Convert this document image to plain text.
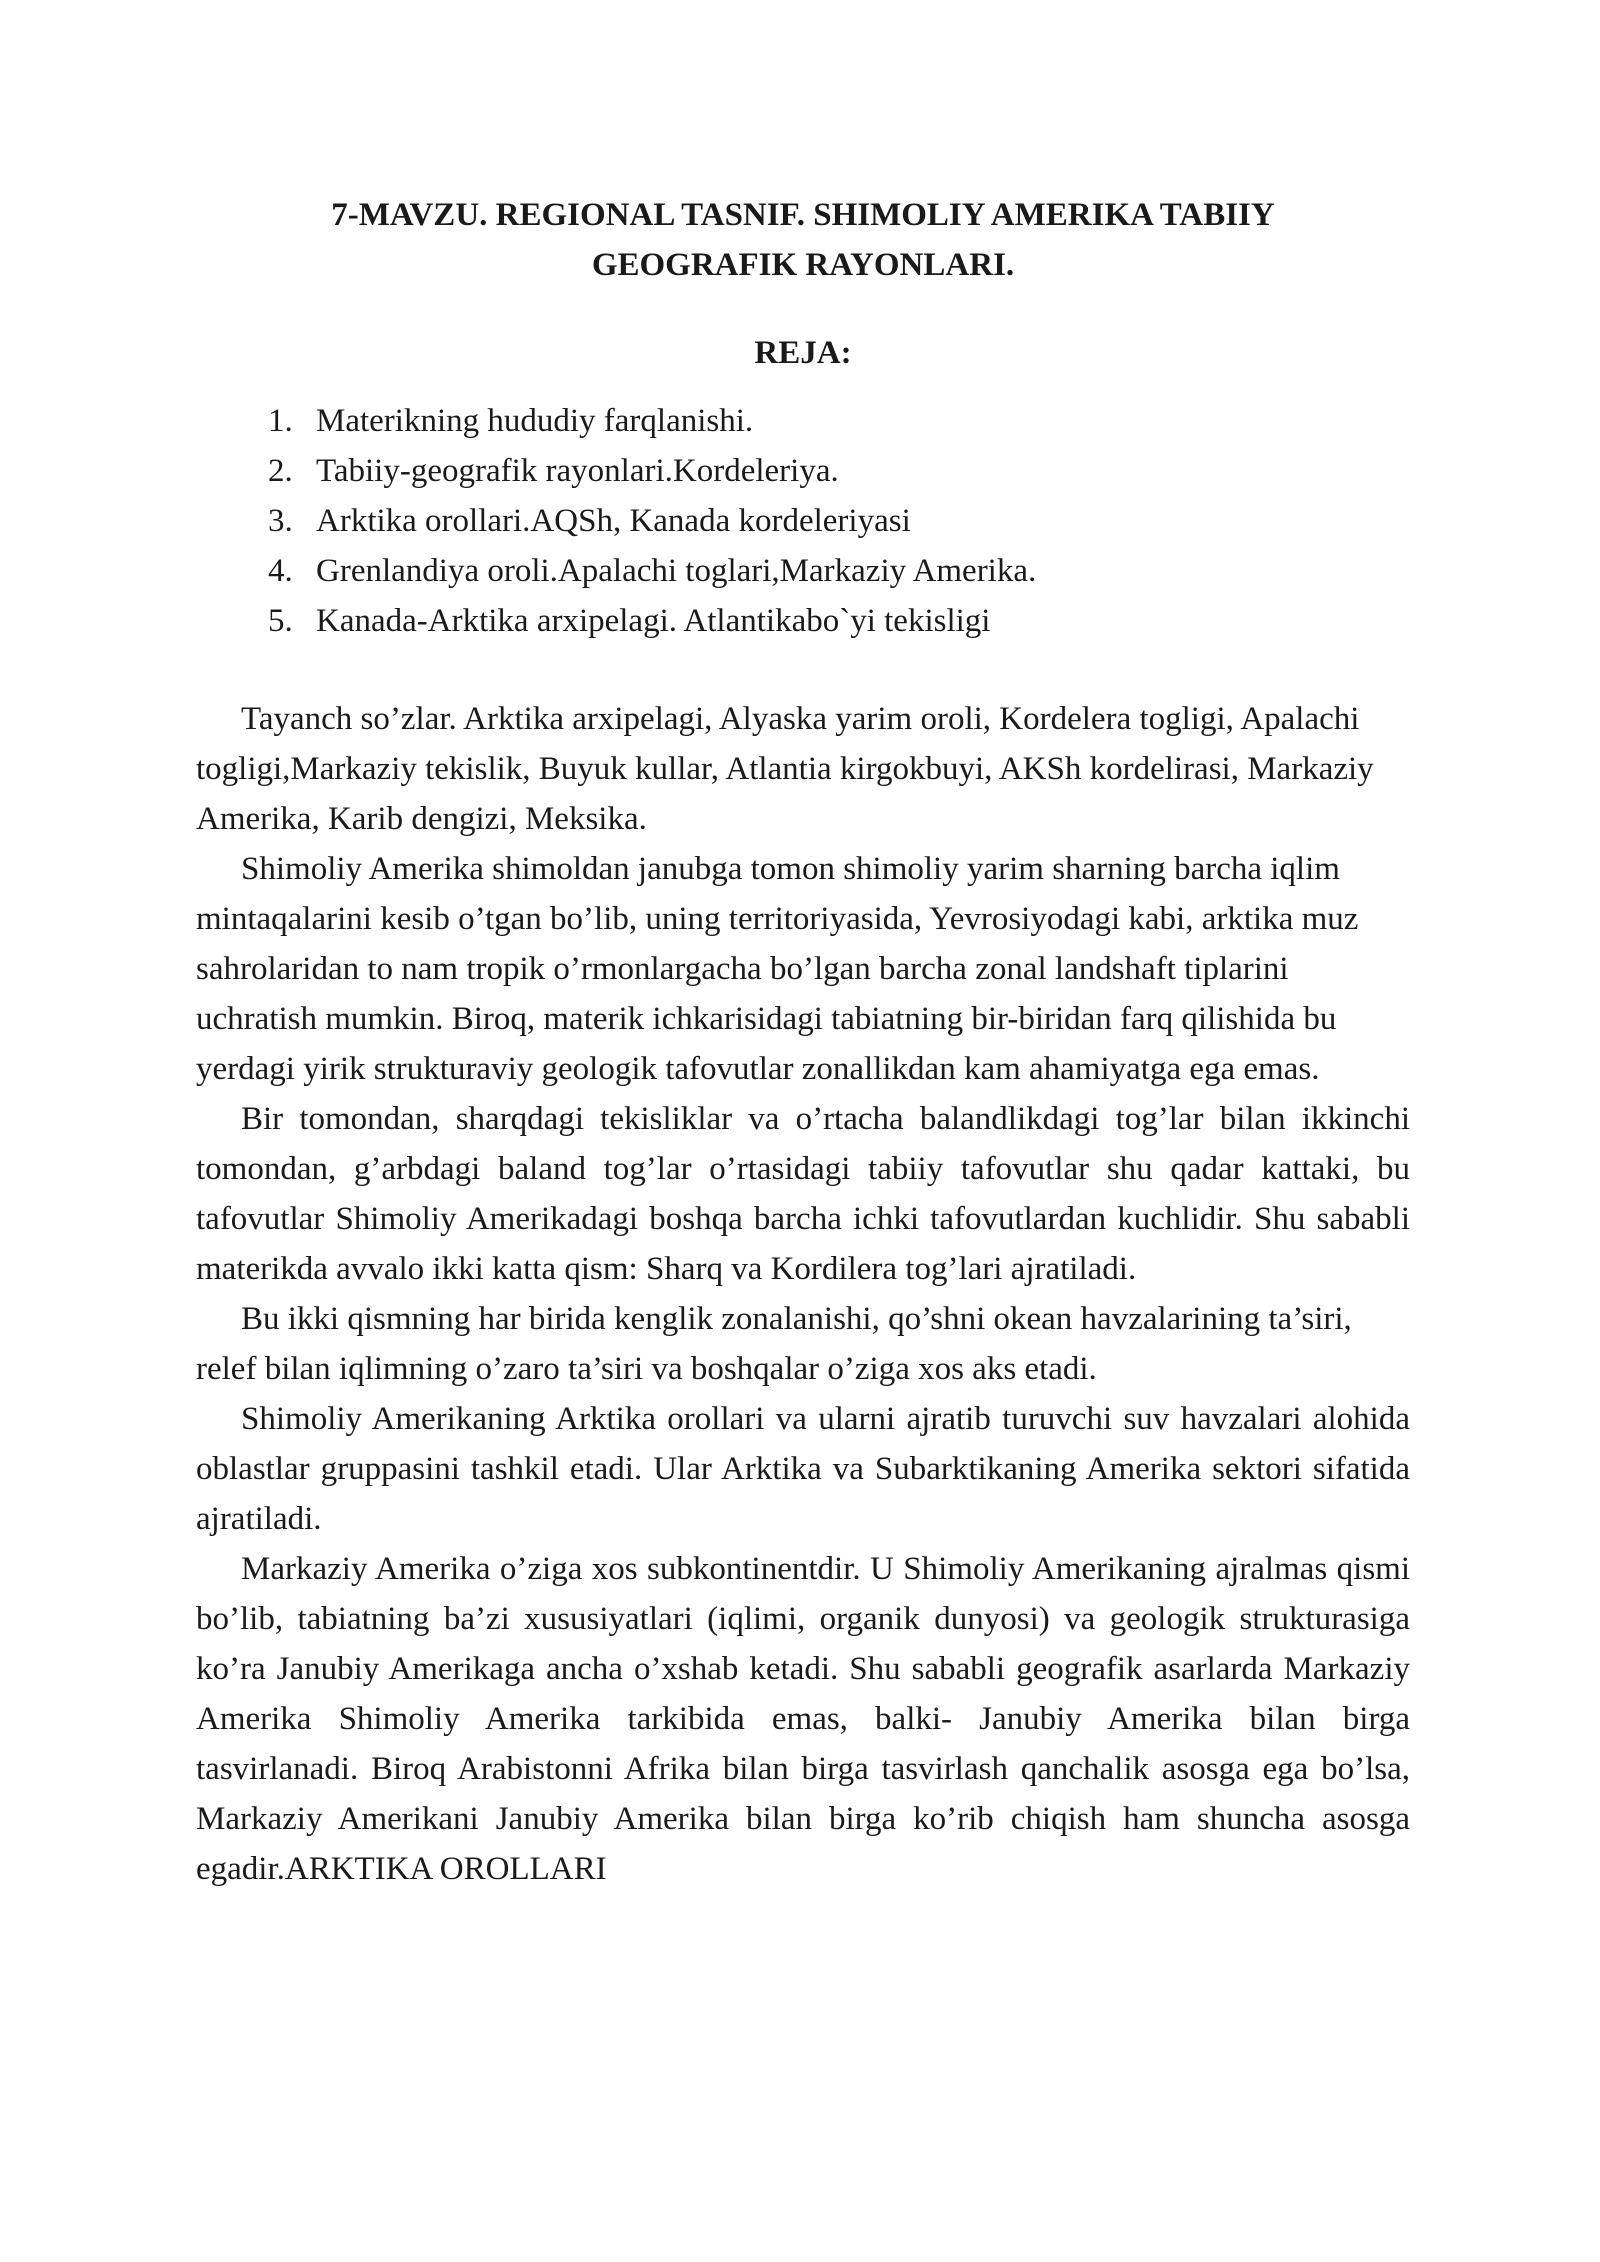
7-MAVZU. REGIONAL TASNIF. SHIMOLIY AMERIKA TABIIY
GEOGRAFIK RAYONLARI.
REJA:
1. Materikning hududiy farqlanishi.
2. Tabiiy-geografik rayonlari.Kordeleriya.
3. Arktika orollari.AQSh, Kanada kordeleriyasi
4. Grenlandiya oroli.Apalachi toglari,Markaziy Amerika.
5. Kanada-Arktika arxipelagi. Atlantikabo`yi tekisligi

Tayanch so’zlar. Arktika arxipelagi, Alyaska yarim oroli, Kordelera togligi, Apalachi togligi,Markaziy tekislik, Buyuk kullar, Atlantia kirgokbuyi, AKSh kordelirasi, Markaziy Amerika, Karib dengizi, Meksika.

Shimoliy Amerika shimoldan janubga tomon shimoliy yarim sharning barcha iqlim mintaqalarini kesib o’tgan bo’lib, uning territoriyasida, Yevrosiyodagi kabi, arktika muz sahrolaridan to nam tropik o’rmonlargacha bo’lgan barcha zonal landshaft tiplarini uchratish mumkin. Biroq, materik ichkarisidagi tabiatning bir-biridan farq qilishida bu yerdagi yirik strukturaviy geologik tafovutlar zonallikdan kam ahamiyatga ega emas.

Bir tomondan, sharqdagi tekisliklar va o’rtacha balandlikdagi tog’lar bilan ikkinchi tomondan, g’arbdagi baland tog’lar o’rtasidagi tabiiy tafovutlar shu qadar kattaki, bu tafovutlar Shimoliy Amerikadagi boshqa barcha ichki tafovutlardan kuchlidir. Shu sababli materikda avvalo ikki katta qism: Sharq va Kordilera tog’lari ajratiladi.

Bu ikki qismning har birida kenglik zonalanishi, qo’shni okean havzalarining ta’siri, relef bilan iqlimning o’zaro ta’siri va boshqalar o’ziga xos aks etadi.

Shimoliy Amerikaning Arktika orollari va ularni ajratib turuvchi suv havzalari alohida oblastlar gruppasini tashkil etadi. Ular Arktika va Subarktikaning Amerika sektori sifatida ajratiladi.

Markaziy Amerika o’ziga xos subkontinentdir. U Shimoliy Amerikaning ajralmas qismi bo’lib, tabiatning ba’zi xususiyatlari (iqlimi, organik dunyosi) va geologik strukturasiga ko’ra Janubiy Amerikaga ancha o’xshab ketadi. Shu sababli geografik asarlarda Markaziy Amerika Shimoliy Amerika tarkibida emas, balki- Janubiy Amerika bilan birga tasvirlanadi. Biroq Arabistonni Afrika bilan birga tasvirlash qanchalik asosga ega bo’lsa, Markaziy Amerikani Janubiy Amerika bilan birga ko’rib chiqish ham shuncha asosga egadir.ARKTIKA OROLLARI
